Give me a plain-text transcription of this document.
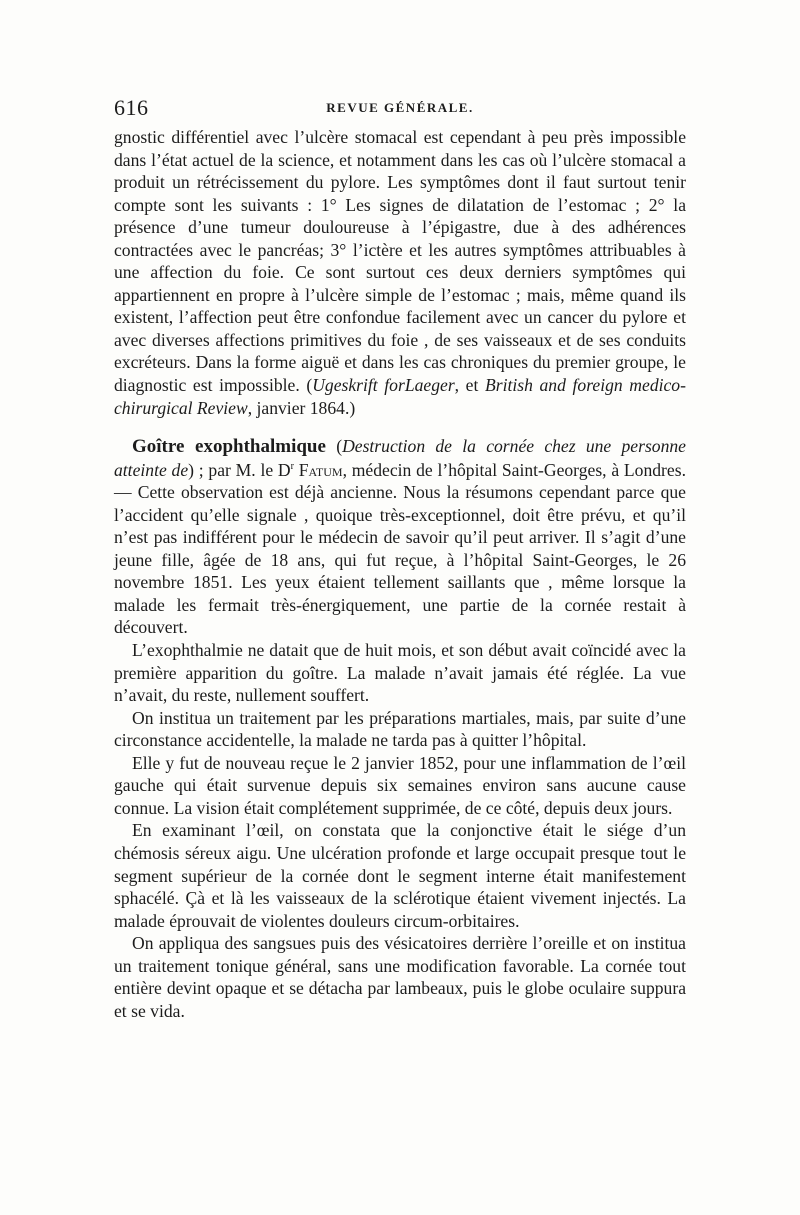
616	REVUE GÉNÉRALE.

gnostic différentiel avec l’ulcère stomacal est cependant à peu près impossible dans l’état actuel de la science, et notamment dans les cas où l’ulcère stomacal a produit un rétrécissement du pylore. Les symptômes dont il faut surtout tenir compte sont les suivants : 1° Les signes de dilatation de l’estomac ; 2° la présence d’une tumeur douloureuse à l’épigastre, due à des adhérences contractées avec le pancréas; 3° l’ictère et les autres symptômes attribuables à une affection du foie. Ce sont surtout ces deux derniers symptômes qui appartiennent en propre à l’ulcère simple de l’estomac ; mais, même quand ils existent, l’affection peut être confondue facilement avec un cancer du pylore et avec diverses affections primitives du foie , de ses vaisseaux et de ses conduits excréteurs. Dans la forme aiguë et dans les cas chroniques du premier groupe, le diagnostic est impossible. (Ugeskrift forLaeger, et British and foreign medico-chirurgical Review, janvier 1864.)

Goître exophthalmique (Destruction de la cornée chez une personne atteinte de) ; par M. le $D^r$ Fatum, médecin de l’hôpital Saint-Georges, à Londres. — Cette observation est déjà ancienne. Nous la résumons cependant parce que l’accident qu’elle signale , quoique très-exceptionnel, doit être prévu, et qu’il n’est pas indifférent pour le médecin de savoir qu’il peut arriver. Il s’agit d’une jeune fille, âgée de 18 ans, qui fut reçue, à l’hôpital Saint-Georges, le 26 novembre 1851. Les yeux étaient tellement saillants que , même lorsque la malade les fermait très-énergiquement, une partie de la cornée restait à découvert.

L’exophthalmie ne datait que de huit mois, et son début avait coïncidé avec la première apparition du goître. La malade n’avait jamais été réglée. La vue n’avait, du reste, nullement souffert.

On institua un traitement par les préparations martiales, mais, par suite d’une circonstance accidentelle, la malade ne tarda pas à quitter l’hôpital.

Elle y fut de nouveau reçue le 2 janvier 1852, pour une inflammation de l’œil gauche qui était survenue depuis six semaines environ sans aucune cause connue. La vision était complétement supprimée, de ce côté, depuis deux jours.

En examinant l’œil, on constata que la conjonctive était le siége d’un chémosis séreux aigu. Une ulcération profonde et large occupait presque tout le segment supérieur de la cornée dont le segment interne était manifestement sphacélé. Çà et là les vaisseaux de la sclérotique étaient vivement injectés. La malade éprouvait de violentes douleurs circum-orbitaires.

On appliqua des sangsues puis des vésicatoires derrière l’oreille et on institua un traitement tonique général, sans une modification favorable. La cornée tout entière devint opaque et se détacha par lambeaux, puis le globe oculaire suppura et se vida.
